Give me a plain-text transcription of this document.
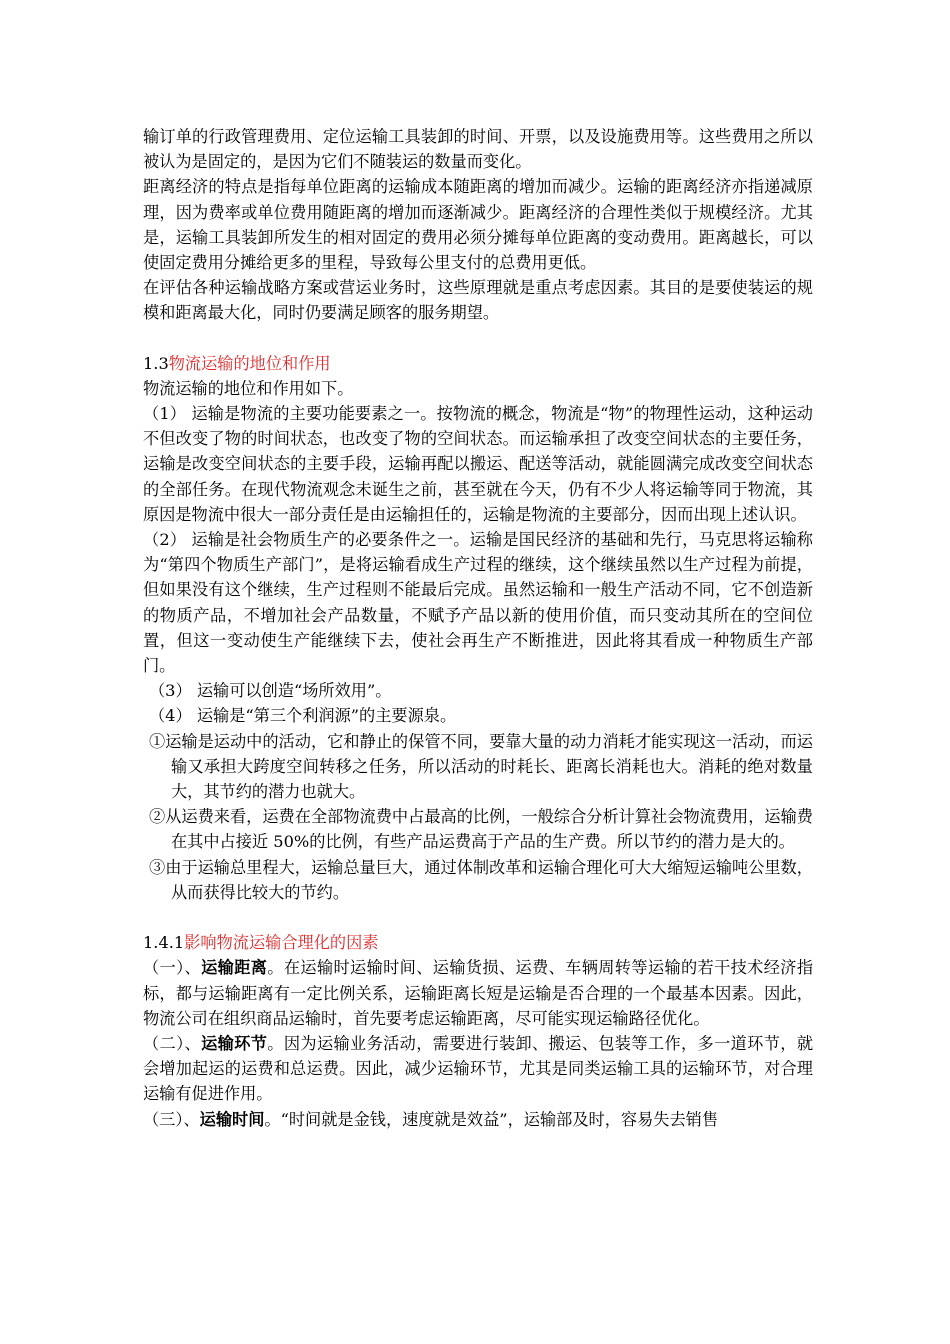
输订单的行政管理费用、定位运输工具装卸的时间、开票，以及设施费用等。这些费用之所以被认为是固定的，是因为它们不随装运的数量而变化。

距离经济的特点是指每单位距离的运输成本随距离的增加而减少。运输的距离经济亦指递减原理，因为费率或单位费用随距离的增加而逐渐减少。距离经济的合理性类似于规模经济。尤其是，运输工具装卸所发生的相对固定的费用必须分摊每单位距离的变动费用。距离越长，可以使固定费用分摊给更多的里程，导致每公里支付的总费用更低。

在评估各种运输战略方案或营运业务时，这些原理就是重点考虑因素。其目的是要使装运的规模和距离最大化，同时仍要满足顾客的服务期望。

1.3物流运输的地位和作用

物流运输的地位和作用如下。

（1） 运输是物流的主要功能要素之一。按物流的概念，物流是“物”的物理性运动，这种运动不但改变了物的时间状态，也改变了物的空间状态。而运输承担了改变空间状态的主要任务，运输是改变空间状态的主要手段，运输再配以搬运、配送等活动，就能圆满完成改变空间状态的全部任务。在现代物流观念未诞生之前，甚至就在今天，仍有不少人将运输等同于物流，其原因是物流中很大一部分责任是由运输担任的，运输是物流的主要部分，因而出现上述认识。

（2） 运输是社会物质生产的必要条件之一。运输是国民经济的基础和先行，马克思将运输称为“第四个物质生产部门”，是将运输看成生产过程的继续，这个继续虽然以生产过程为前提，但如果没有这个继续，生产过程则不能最后完成。虽然运输和一般生产活动不同，它不创造新的物质产品，不增加社会产品数量，不赋予产品以新的使用价值，而只变动其所在的空间位置，但这一变动使生产能继续下去，使社会再生产不断推进，因此将其看成一种物质生产部门。

（3） 运输可以创造“场所效用”。

（4） 运输是“第三个利润源”的主要源泉。

①运输是运动中的活动，它和静止的保管不同，要靠大量的动力消耗才能实现这一活动，而运输又承担大跨度空间转移之任务，所以活动的时耗长、距离长消耗也大。消耗的绝对数量大，其节约的潜力也就大。

②从运费来看，运费在全部物流费中占最高的比例，一般综合分析计算社会物流费用，运输费在其中占接近 50%的比例，有些产品运费高于产品的生产费。所以节约的潜力是大的。

③由于运输总里程大，运输总量巨大，通过体制改革和运输合理化可大大缩短运输吨公里数，从而获得比较大的节约。

1.4.1影响物流运输合理化的因素

（一）、运输距离。在运输时运输时间、运输货损、运费、车辆周转等运输的若干技术经济指标，都与运输距离有一定比例关系，运输距离长短是运输是否合理的一个最基本因素。因此，物流公司在组织商品运输时，首先要考虑运输距离，尽可能实现运输路径优化。

（二）、运输环节。因为运输业务活动，需要进行装卸、搬运、包装等工作，多一道环节，就会增加起运的运费和总运费。因此，减少运输环节，尤其是同类运输工具的运输环节，对合理运输有促进作用。

（三）、运输时间。“时间就是金钱，速度就是效益”，运输部及时，容易失去销售
